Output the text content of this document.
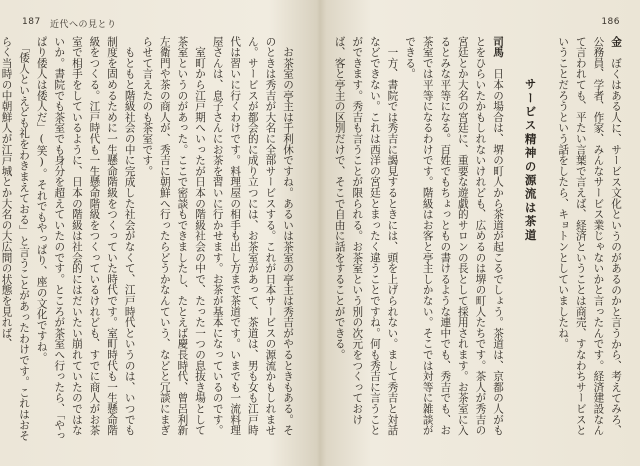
187 近代への見とり

　お茶室の亭主は千利休ですね。あるいは茶室の亭主は秀吉がやるときもある。そのときは秀吉が大名に全部サービスする。これが日本サービスの源流かもしれません。サービスが都会的に成り立つには、お茶室があって、茶道は、男も女も江戸時代は習いに行くわけです。料理屋の相手も出し方まで茶道です。いまでも一流料理屋さんは、息子さんにお茶を習いに行かせます。お茶が基本になっているのです。

　室町から江戸期へいったが日本の階級社会の中で、たった一つの息抜き場として茶室というのがあった。ここで密談もできましたし、たとえば慶長時代、曾呂利新左衛門や茶の商人が、秀吉に朝鮮へ行ったらどうかなんていう、などと冗談にまぎらせて言えたのも茶室です。

　もともと階級社会の中に完成した社会がなくて、江戸時代というのは、いつでも制度を固めるために一生懸命階級をつくっていた時代です。室町時代も一生懸命階級をつくる。江戸時代も一生懸命階級をつくっているけれども、すでに商人がお茶室で相手をしているように、日本の階級は社会的にはだいたい崩れていたのではないか。書院でも茶室でも身分を超えていたのです。ところが茶室へ行ったら、「やっぱり倭人は倭人だ」(笑)。それでもやっぱり、座の文化ですね。

　「倭人といえども礼をわきまえておる」と言うことがあったわけです。これはおそらく当時の中朝鮮人が江戸城とか大名の大広間の状態を見れば、

186

金　ぼくはある人に、サービス文化というのがあるのかと言うから、考えてみろ、公務員、学者、作家、みんなサービス業じゃないかと言ったんです。経済建設なんて言われても、平たい言葉で言えば、経済ということは商売、すなわちサービスということだろうという話をしたら、キョトンとしていましたね。

サービス精神の源流は茶道

司馬　日本の場合は、堺の町人から茶道が起こるでしょう。茶道は、京都の人がもとをひらいたかもしれないけれども、広めるのは堺の町人たちです。茶人が秀吉の宮廷とか大名の宮廷に、重要な遊戯的サロンの長として採用されます。お茶室に入るとみな平等になる。百姓でもちょっともの書けるような連中でも、秀吉でも、お茶室では平等になるわけです。階級はお客と亭主しかない。そこでは対等に雑談ができる。

　一方、書院では秀吉に謁見するときには、頭を上げられない。まして秀吉と対話などできない。これは西洋の宮廷とまったく違うことですね。何も秀吉に言うことができます。秀吉も言うことが限られる。お茶室という別の次元をつくっておけば、客と亭主の区別だけで、そこで自由に話をすることができる。
